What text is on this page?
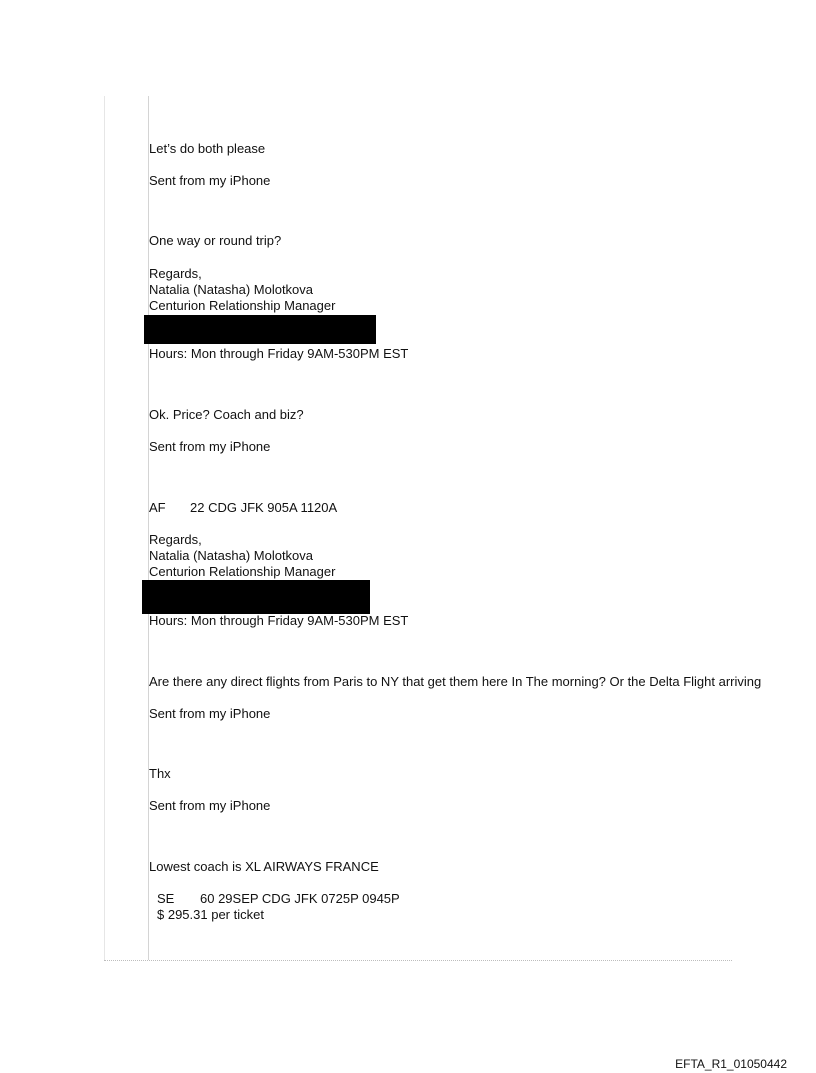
Let’s do both please
Sent from my iPhone
One way or round trip?
Regards,
Natalia (Natasha) Molotkova
Centurion Relationship Manager
Hours: Mon through Friday 9AM-530PM EST
Ok. Price? Coach and biz?
Sent from my iPhone
AF 22 CDG JFK 905A 1120A
Regards,
Natalia (Natasha) Molotkova
Centurion Relationship Manager
Hours: Mon through Friday 9AM-530PM EST
Are there any direct flights from Paris to NY that get them here In The morning? Or the Delta Flight arriving
Sent from my iPhone
Thx
Sent from my iPhone
Lowest coach is XL AIRWAYS FRANCE
SE 60 29SEP CDG JFK 0725P 0945P
$ 295.31 per ticket
EFTA_R1_01050442
